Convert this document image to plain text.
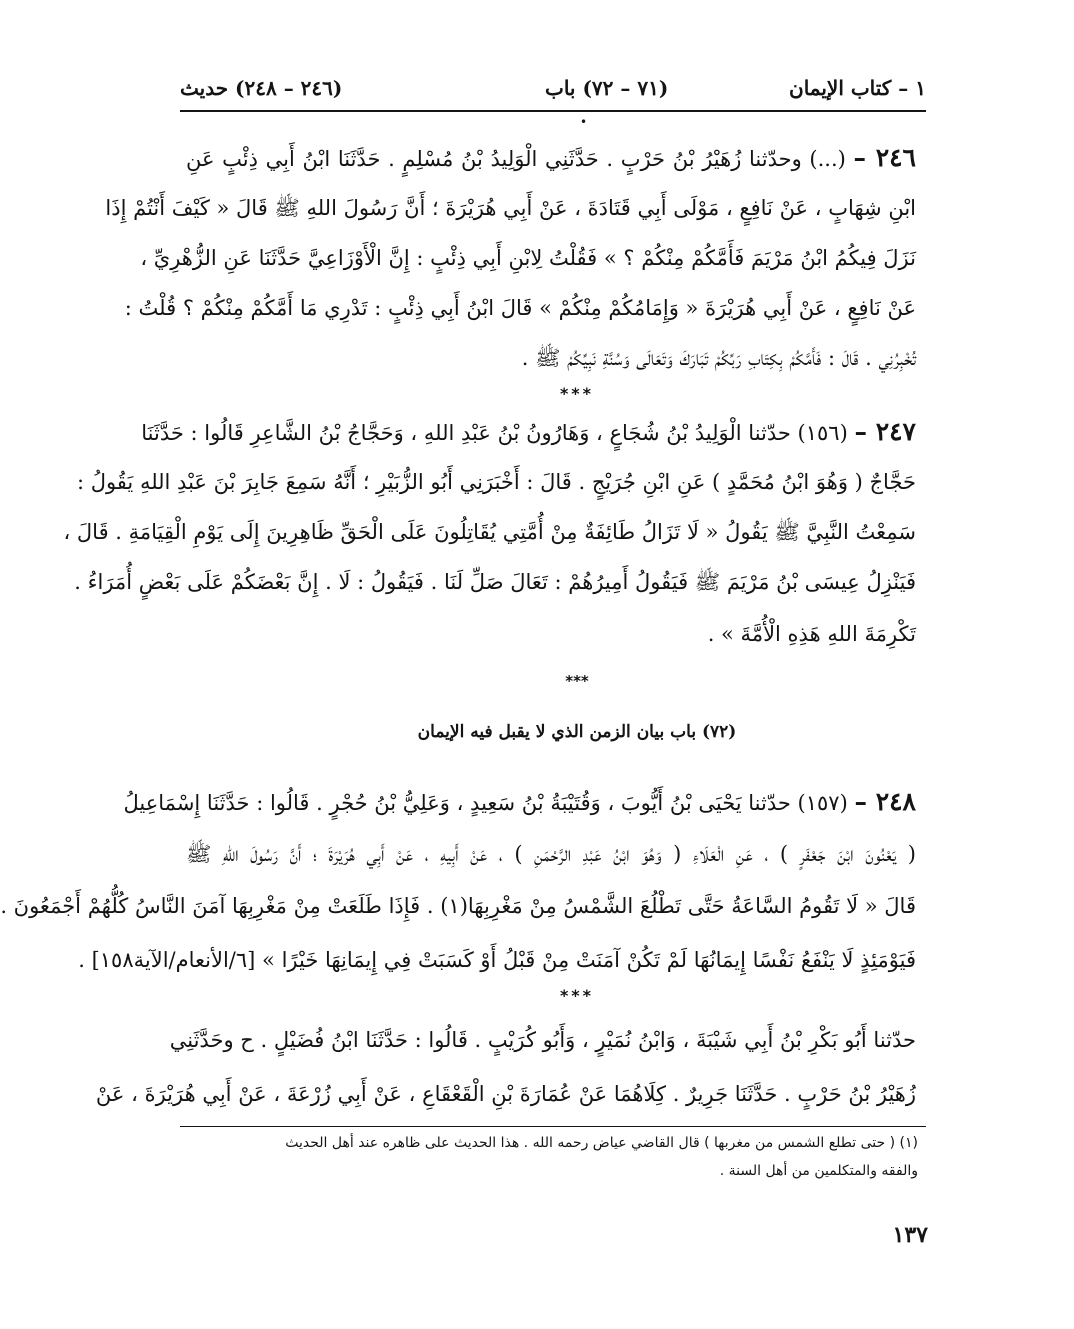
١ – كتاب الإيمان
(٧١ – ٧٢) باب
(٢٤٦ – ٢٤٨) حديث
•
٢٤٦ – (...) وحدّثنا زُهَيْرُ بْنُ حَرْبٍ . حَدَّثَنِي الْوَلِيدُ بْنُ مُسْلِمٍ . حَدَّثَنَا ابْنُ أَبِي ذِئْبٍ عَنِ
ابْنِ شِهَابٍ ، عَنْ نَافِعٍ ، مَوْلَى أَبِي قَتَادَةَ ، عَنْ أَبِي هُرَيْرَةَ ؛ أَنَّ رَسُولَ اللهِ ﷺ قَالَ « كَيْفَ أَنْتُمْ إِذَا
نَزَلَ فِيكُمُ ابْنُ مَرْيَمَ فَأَمَّكُمْ مِنْكُمْ ؟ » فَقُلْتُ لِابْنِ أَبِي ذِئْبٍ : إِنَّ الْأَوْزَاعِيَّ حَدَّثَنَا عَنِ الزُّهْرِيِّ ،
عَنْ نَافِعٍ ، عَنْ أَبِي هُرَيْرَةَ « وَإِمَامُكُمْ مِنْكُمْ » قَالَ ابْنُ أَبِي ذِئْبٍ : تَدْرِي مَا أَمَّكُمْ مِنْكُمْ ؟ قُلْتُ :
تُخْبِرُنِي . قَالَ : فَأَمَّكُمْ بِكِتَابِ رَبِّكُمْ تَبَارَكَ وَتَعَالَى وَسُنَّةِ نَبِيِّكُمْ ﷺ .
***
٢٤٧ – (١٥٦) حدّثنا الْوَلِيدُ بْنُ شُجَاعٍ ، وَهَارُونُ بْنُ عَبْدِ اللهِ ، وَحَجَّاجُ بْنُ الشَّاعِرِ قَالُوا : حَدَّثَنَا
حَجَّاجٌ ( وَهُوَ ابْنُ مُحَمَّدٍ ) عَنِ ابْنِ جُرَيْجٍ . قَالَ : أَخْبَرَنِي أَبُو الزُّبَيْرِ ؛ أَنَّهُ سَمِعَ جَابِرَ بْنَ عَبْدِ اللهِ يَقُولُ :
سَمِعْتُ النَّبِيَّ ﷺ يَقُولُ « لَا تَزَالُ طَائِفَةٌ مِنْ أُمَّتِي يُقَاتِلُونَ عَلَى الْحَقِّ ظَاهِرِينَ إِلَى يَوْمِ الْقِيَامَةِ . قَالَ ،
فَيَنْزِلُ عِيسَى بْنُ مَرْيَمَ ﷺ فَيَقُولُ أَمِيرُهُمْ : تَعَالَ صَلِّ لَنَا . فَيَقُولُ : لَا . إِنَّ بَعْضَكُمْ عَلَى بَعْضٍ أُمَرَاءُ .
تَكْرِمَةَ اللهِ هَذِهِ الْأُمَّةَ » .
***
(٧٢) باب بيان الزمن الذي لا يقبل فيه الإيمان
٢٤٨ – (١٥٧) حدّثنا يَحْيَى بْنُ أَيُّوبَ ، وَقُتَيْبَةُ بْنُ سَعِيدٍ ، وَعَلِيُّ بْنُ حُجْرٍ . قَالُوا : حَدَّثَنَا إِسْمَاعِيلُ
( يَعْنُونَ ابْنَ جَعْفَرٍ ) ، عَنِ الْعَلَاءِ ( وَهُوَ ابْنُ عَبْدِ الرَّحْمَنِ ) ، عَنْ أَبِيهِ ، عَنْ أَبِي هُرَيْرَةَ ؛ أَنَّ رَسُولَ اللهِ ﷺ
قَالَ « لَا تَقُومُ السَّاعَةُ حَتَّى تَطْلُعَ الشَّمْسُ مِنْ مَغْرِبِهَا(١) . فَإِذَا طَلَعَتْ مِنْ مَغْرِبِهَا آمَنَ النَّاسُ كُلُّهُمْ أَجْمَعُونَ .
فَيَوْمَئِذٍ لَا يَنْفَعُ نَفْسًا إِيمَانُهَا لَمْ تَكُنْ آمَنَتْ مِنْ قَبْلُ أَوْ كَسَبَتْ فِي إِيمَانِهَا خَيْرًا » [٦/الأنعام/الآية١٥٨] .
***
حدّثنا أَبُو بَكْرِ بْنُ أَبِي شَيْبَةَ ، وَابْنُ نُمَيْرٍ ، وَأَبُو كُرَيْبٍ . قَالُوا : حَدَّثَنَا ابْنُ فُضَيْلٍ . ح وحَدَّثَنِي
زُهَيْرُ بْنُ حَرْبٍ . حَدَّثَنَا جَرِيرٌ . كِلَاهُمَا عَنْ عُمَارَةَ بْنِ الْقَعْقَاعِ ، عَنْ أَبِي زُرْعَةَ ، عَنْ أَبِي هُرَيْرَةَ ، عَنْ
(١) ( حتى تطلع الشمس من مغربها ) قال القاضي عياض رحمه الله . هذا الحديث على ظاهره عند أهل الحديث
والفقه والمتكلمين من أهل السنة .
١٣٧
